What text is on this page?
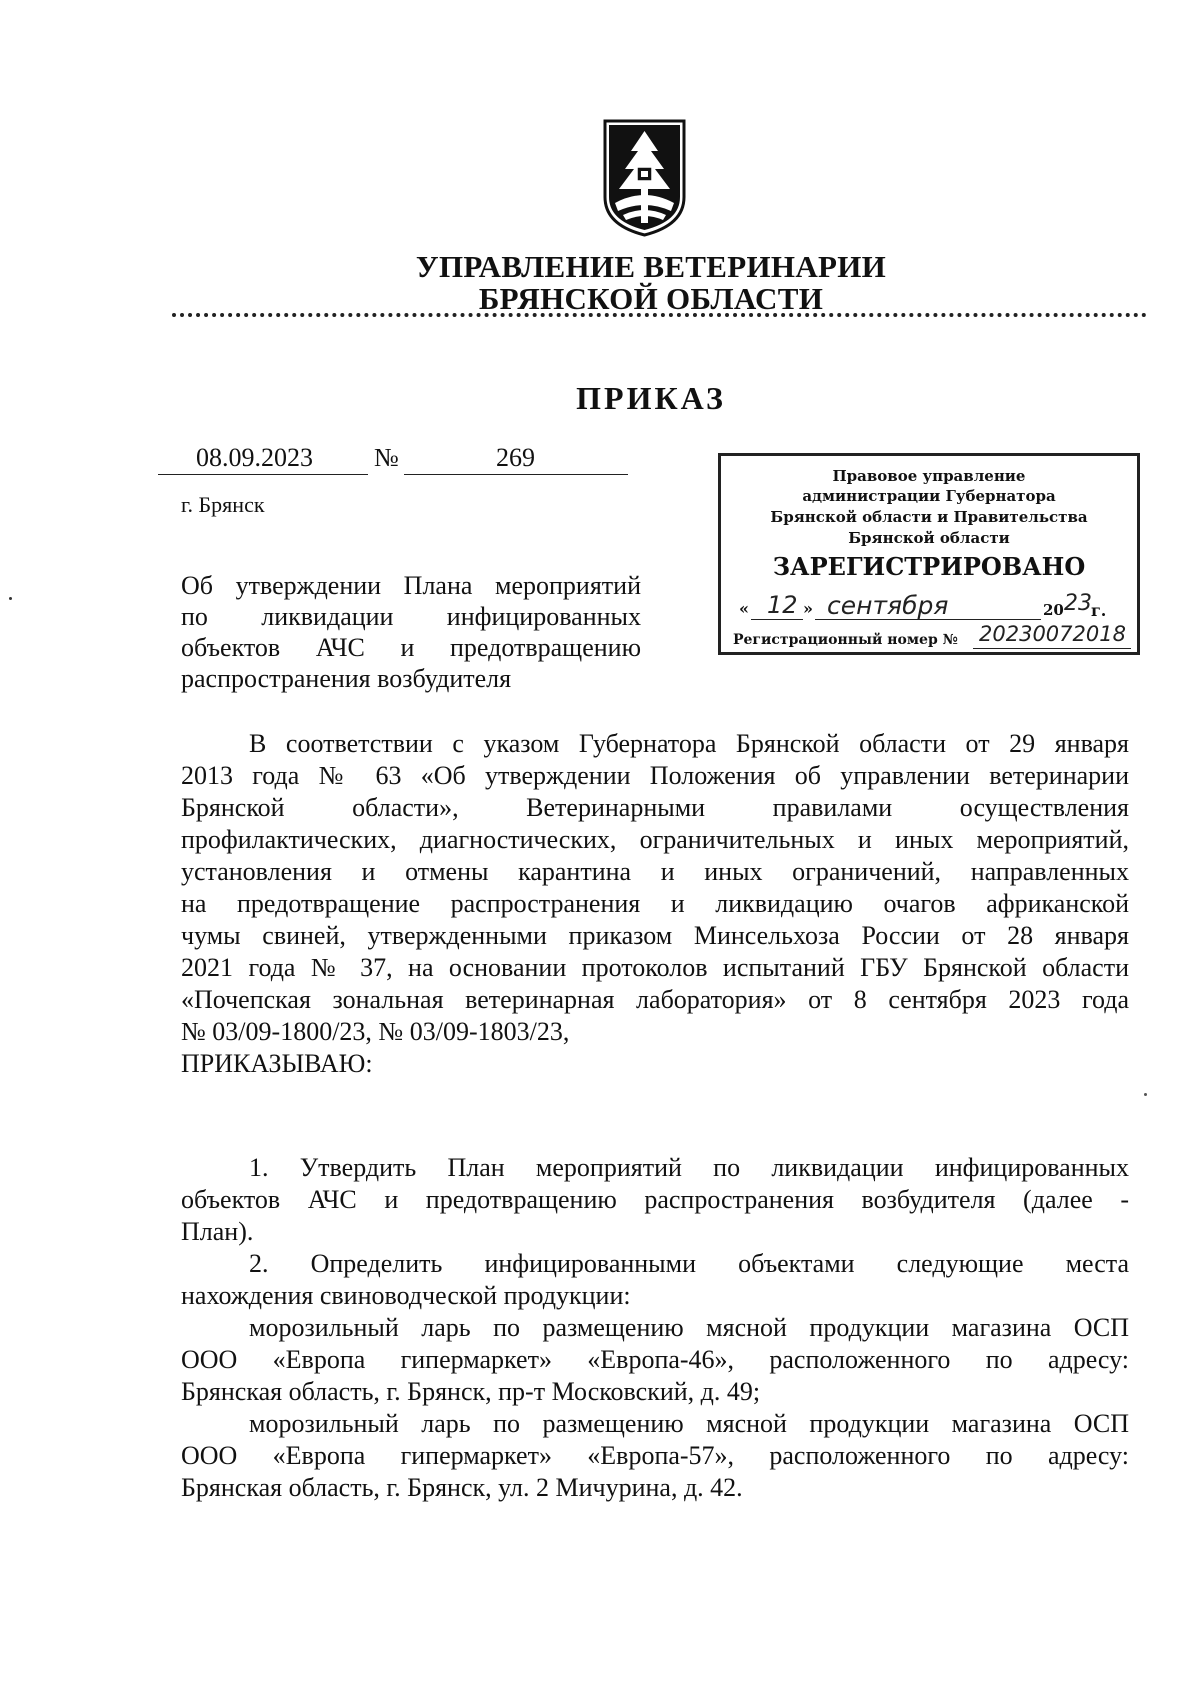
УПРАВЛЕНИЕ ВЕТЕРИНАРИИ
БРЯНСКОЙ ОБЛАСТИ
ПРИКАЗ
08.09.2023 №	269
г. Брянск
Правовое управление
администрации Губернатора
Брянской области и Правительства
Брянской области
ЗАРЕГИСТРИРОВАНО
« 12 » сентября	20 23 г.
Регистрационный номер № 20230072018
Об утверждении Плана мероприятий
по ликвидации инфицированных
объектов АЧС и предотвращению
распространения возбудителя
В соответствии с указом Губернатора Брянской области от 29 января
2013 года № 63 «Об утверждении Положения об управлении ветеринарии
Брянской области», Ветеринарными правилами осуществления
профилактических, диагностических, ограничительных и иных мероприятий,
установления и отмены карантина и иных ограничений, направленных
на предотвращение распространения и ликвидацию очагов африканской
чумы свиней, утвержденными приказом Минсельхоза России от 28 января
2021 года № 37, на основании протоколов испытаний ГБУ Брянской области
«Почепская зональная ветеринарная лаборатория» от 8 сентября 2023 года
№ 03/09-1800/23, № 03/09-1803/23,
ПРИКАЗЫВАЮ:
1. Утвердить План мероприятий по ликвидации инфицированных
объектов АЧС и предотвращению распространения возбудителя (далее -
План).
2. Определить инфицированными объектами следующие места
нахождения свиноводческой продукции:
морозильный ларь по размещению мясной продукции магазина ОСП
ООО «Европа гипермаркет» «Европа-46», расположенного по адресу:
Брянская область, г. Брянск, пр-т Московский, д. 49;
морозильный ларь по размещению мясной продукции магазина ОСП
ООО «Европа гипермаркет» «Европа-57», расположенного по адресу:
Брянская область, г. Брянск, ул. 2 Мичурина, д. 42.
